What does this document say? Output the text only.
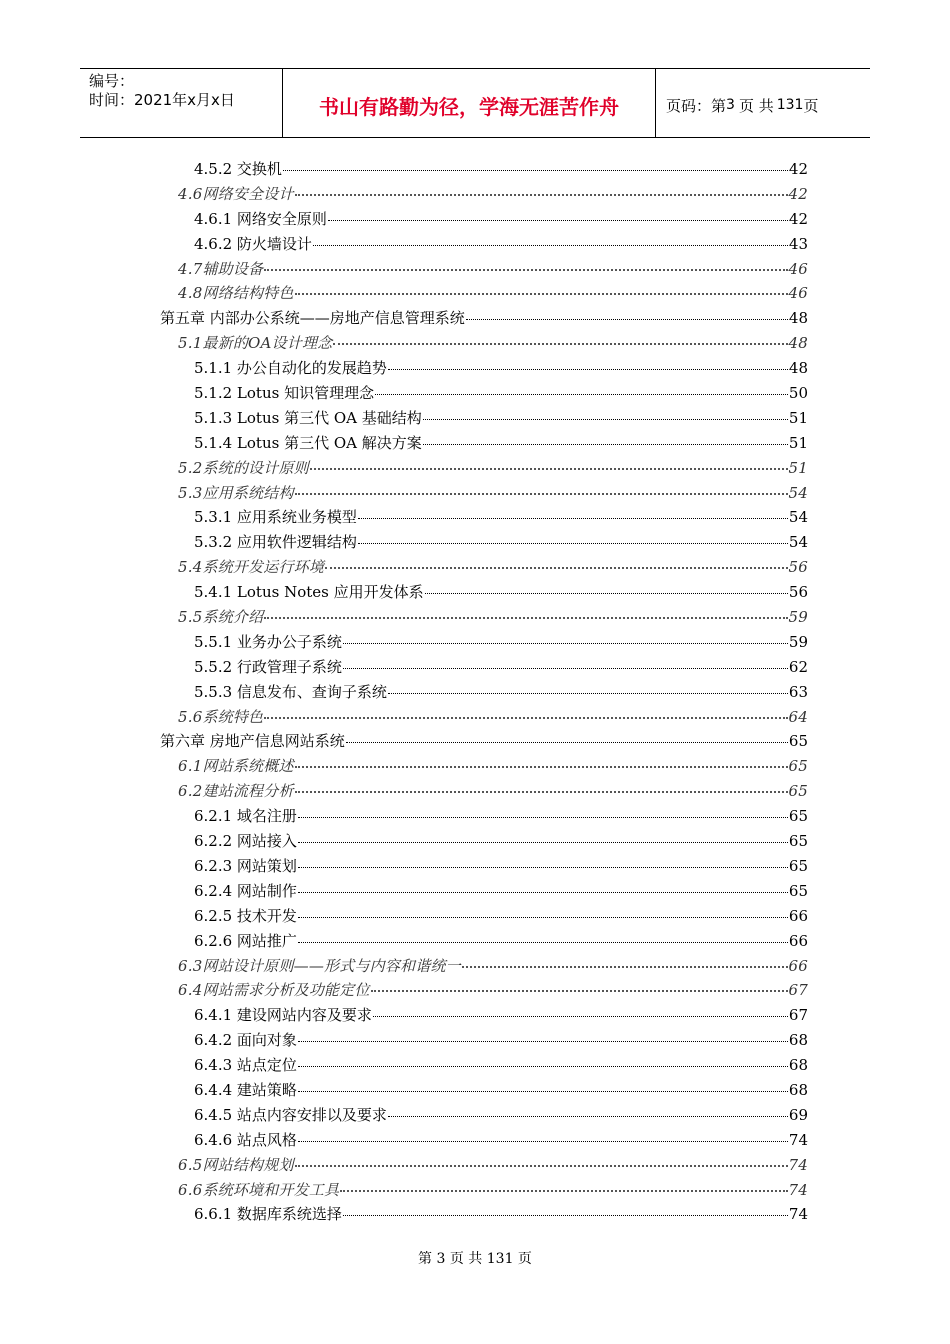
编号：
时间：2021年x月x日	书山有路勤为径，学海无涯苦作舟	页码：第 3 页 共 131 页
4.5.2 交换机	42
4.6网络安全设计	42
4.6.1 网络安全原则	42
4.6.2 防火墙设计	43
4.7辅助设备	46
4.8网络结构特色	46
第五章 内部办公系统——房地产信息管理系统	48
5.1最新的OA设计理念	48
5.1.1 办公自动化的发展趋势	48
5.1.2 Lotus 知识管理理念	50
5.1.3 Lotus 第三代 OA 基础结构	51
5.1.4 Lotus 第三代 OA 解决方案	51
5.2系统的设计原则	51
5.3应用系统结构	54
5.3.1 应用系统业务模型	54
5.3.2 应用软件逻辑结构	54
5.4系统开发运行环境	56
5.4.1 Lotus Notes 应用开发体系	56
5.5系统介绍	59
5.5.1 业务办公子系统	59
5.5.2 行政管理子系统	62
5.5.3 信息发布、查询子系统	63
5.6系统特色	64
第六章 房地产信息网站系统	65
6.1网站系统概述	65
6.2建站流程分析	65
6.2.1 域名注册	65
6.2.2 网站接入	65
6.2.3 网站策划	65
6.2.4 网站制作	65
6.2.5 技术开发	66
6.2.6 网站推广	66
6.3网站设计原则——形式与内容和谐统一	66
6.4网站需求分析及功能定位	67
6.4.1 建设网站内容及要求	67
6.4.2 面向对象	68
6.4.3 站点定位	68
6.4.4 建站策略	68
6.4.5 站点内容安排以及要求	69
6.4.6 站点风格	74
6.5网站结构规划	74
6.6系统环境和开发工具	74
6.6.1 数据库系统选择	74
第 3 页 共 131 页
